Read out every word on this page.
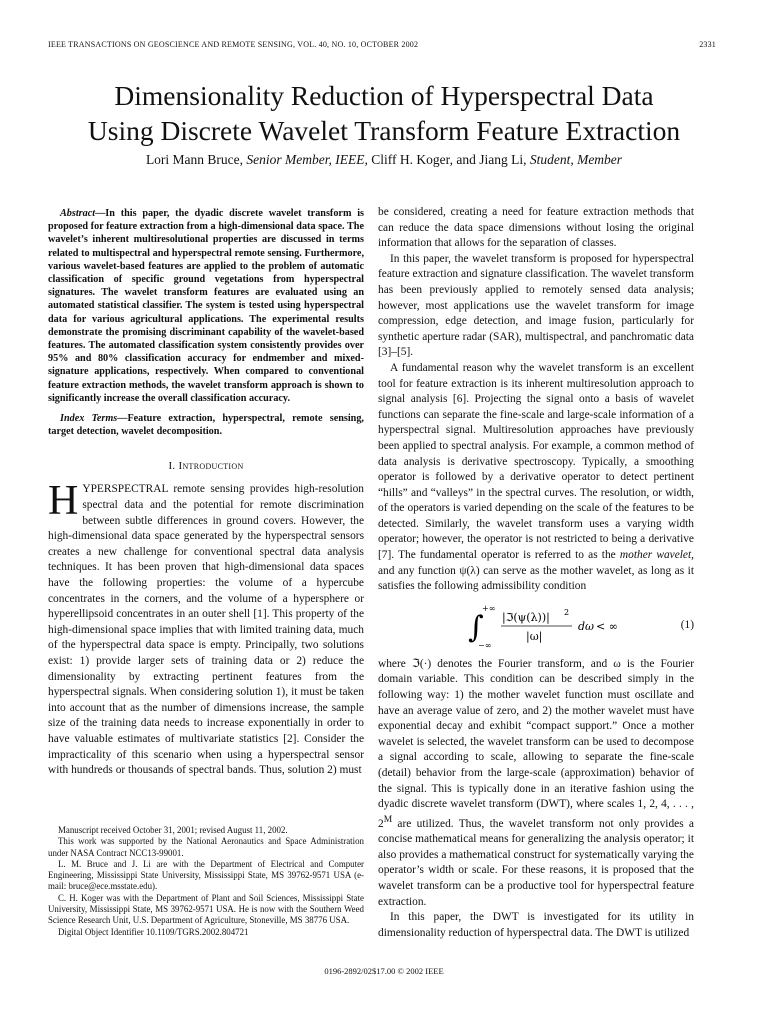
IEEE TRANSACTIONS ON GEOSCIENCE AND REMOTE SENSING, VOL. 40, NO. 10, OCTOBER 2002	2331
Dimensionality Reduction of Hyperspectral Data
Using Discrete Wavelet Transform Feature Extraction
Lori Mann Bruce, Senior Member, IEEE, Cliff H. Koger, and Jiang Li, Student, Member

Abstract—In this paper, the dyadic discrete wavelet transform is proposed for feature extraction from a high-dimensional data space. The wavelet’s inherent multiresolutional properties are discussed in terms related to multispectral and hyperspectral remote sensing. Furthermore, various wavelet-based features are applied to the problem of automatic classification of specific ground vegetations from hyperspectral signatures. The wavelet transform features are evaluated using an automated statistical classifier. The system is tested using hyperspectral data for various agricultural applications. The experimental results demonstrate the promising discriminant capability of the wavelet-based features. The automated classification system consistently provides over 95% and 80% classification accuracy for endmember and mixed-signature applications, respectively. When compared to conventional feature extraction methods, the wavelet transform approach is shown to significantly increase the overall classification accuracy.

Index Terms—Feature extraction, hyperspectral, remote sensing, target detection, wavelet decomposition.

I. Introduction

HYPERSPECTRAL remote sensing provides high-resolution spectral data and the potential for remote discrimination between subtle differences in ground covers. However, the high-dimensional data space generated by the hyperspectral sensors creates a new challenge for conventional spectral data analysis techniques. It has been proven that high-dimensional data spaces have the following properties: the volume of a hypercube concentrates in the corners, and the volume of a hypersphere or hyperellipsoid concentrates in an outer shell [1]. This property of the high-dimensional space implies that with limited training data, much of the hyperspectral data space is empty. Principally, two solutions exist: 1) provide larger sets of training data or 2) reduce the dimensionality by extracting pertinent features from the hyperspectral signals. When considering solution 1), it must be taken into account that as the number of dimensions increase, the sample size of the training data needs to increase exponentially in order to have valuable estimates of multivariate statistics [2]. Consider the impracticality of this scenario when using a hyperspectral sensor with hundreds or thousands of spectral bands. Thus, solution 2) must

Manuscript received October 31, 2001; revised August 11, 2002.

This work was supported by the National Aeronautics and Space Administration under NASA Contract NCC13-99001.

L. M. Bruce and J. Li are with the Department of Electrical and Computer Engineering, Mississippi State University, Mississippi State, MS 39762-9571 USA (e-mail: bruce@ece.msstate.edu).

C. H. Koger was with the Department of Plant and Soil Sciences, Mississippi State University, Mississippi State, MS 39762-9571 USA. He is now with the Southern Weed Science Research Unit, U.S. Department of Agriculture, Stoneville, MS 38776 USA.

Digital Object Identifier 10.1109/TGRS.2002.804721

be considered, creating a need for feature extraction methods that can reduce the data space dimensions without losing the original information that allows for the separation of classes.

In this paper, the wavelet transform is proposed for hyperspectral feature extraction and signature classification. The wavelet transform has been previously applied to remotely sensed data analysis; however, most applications use the wavelet transform for image compression, edge detection, and image fusion, particularly for synthetic aperture radar (SAR), multispectral, and panchromatic data [3]–[5].

A fundamental reason why the wavelet transform is an excellent tool for feature extraction is its inherent multiresolution approach to signal analysis [6]. Projecting the signal onto a basis of wavelet functions can separate the fine-scale and large-scale information of a hyperspectral signal. Multiresolution approaches have previously been applied to spectral analysis. For example, a common method of data analysis is derivative spectroscopy. Typically, a smoothing operator is followed by a derivative operator to detect pertinent “hills” and “valleys” in the spectral curves. The resolution, or width, of the operators is varied depending on the scale of the features to be detected. Similarly, the wavelet transform uses a varying width operator; however, the operator is not restricted to being a derivative [7]. The fundamental operator is referred to as the mother wavelet, and any function ψ(λ) can serve as the mother wavelet, as long as it satisfies the following admissibility condition

∫
+∞
−∞
|ℑ(ψ(λ))| 2
|ω|
dω < ∞	(1)

where ℑ(·) denotes the Fourier transform, and ω is the Fourier domain variable. This condition can be described simply in the following way: 1) the mother wavelet function must oscillate and have an average value of zero, and 2) the mother wavelet must have exponential decay and exhibit “compact support.” Once a mother wavelet is selected, the wavelet transform can be used to decompose a signal according to scale, allowing to separate the fine-scale (detail) behavior from the large-scale (approximation) behavior of the signal. This is typically done in an iterative fashion using the dyadic discrete wavelet transform (DWT), where scales 1, 2, 4, . . . , $2^M$ are utilized. Thus, the wavelet transform not only provides a concise mathematical means for generalizing the analysis operator; it also provides a mathematical construct for systematically varying the operator’s width or scale. For these reasons, it is proposed that the wavelet transform can be a productive tool for hyperspectral feature extraction.

In this paper, the DWT is investigated for its utility in dimensionality reduction of hyperspectral data. The DWT is utilized

0196-2892/02$17.00 © 2002 IEEE
